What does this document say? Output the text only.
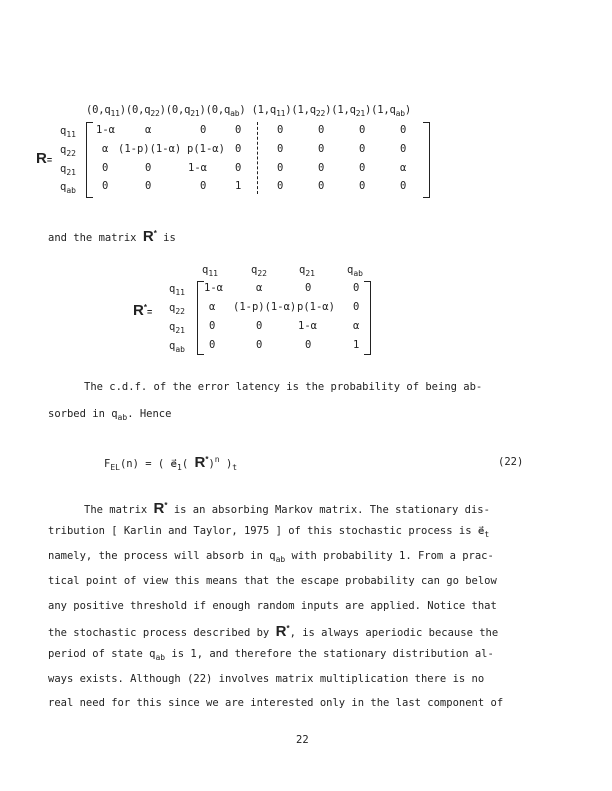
$(0,q_{11})(0,q_{22})(0,q_{21})(0,q_{ab})$ $(1,q_{11})(1,q_{22})(1,q_{21})(1,q_{ab})$
R=
$q_{11}$
$q_{22}$
$q_{21}$
$q_{ab}$
1-α	α	0	0	0	0	0	0
α (1-p)(1-α) p(1-α) 0	0	0	0	0
0	0	1-α	0	0	0	0	α
0	0	0	1	0	0	0	0
and the matrix R* is
$q_{11}$	$q_{22}$	$q_{21}$	$q_{ab}$
R*=
$q_{11}$
$q_{22}$
$q_{21}$
$q_{ab}$
1-α	α	0	0
α (1-p)(1-α) p(1-α) 0
0	0	1-α	α
0	0	0	1
The c.d.f. of the error latency is the probability of being ab-
sorbed in $q_{ab}$. Hence
$F_{EL}(n)$ = ( $e⃗_1$( R*)$^n$ )$_t$	(22)
The matrix R* is an absorbing Markov matrix. The stationary dis-
tribution [ Karlin and Taylor, 1975 ] of this stochastic process is $e⃗_t$
namely, the process will absorb in $q_{ab}$ with probability 1. From a prac-
tical point of view this means that the escape probability can go below
any positive threshold if enough random inputs are applied. Notice that
the stochastic process described by R*, is always aperiodic because the
period of state $q_{ab}$ is 1, and therefore the stationary distribution al-
ways exists. Although (22) involves matrix multiplication there is no
real need for this since we are interested only in the last component of
22
